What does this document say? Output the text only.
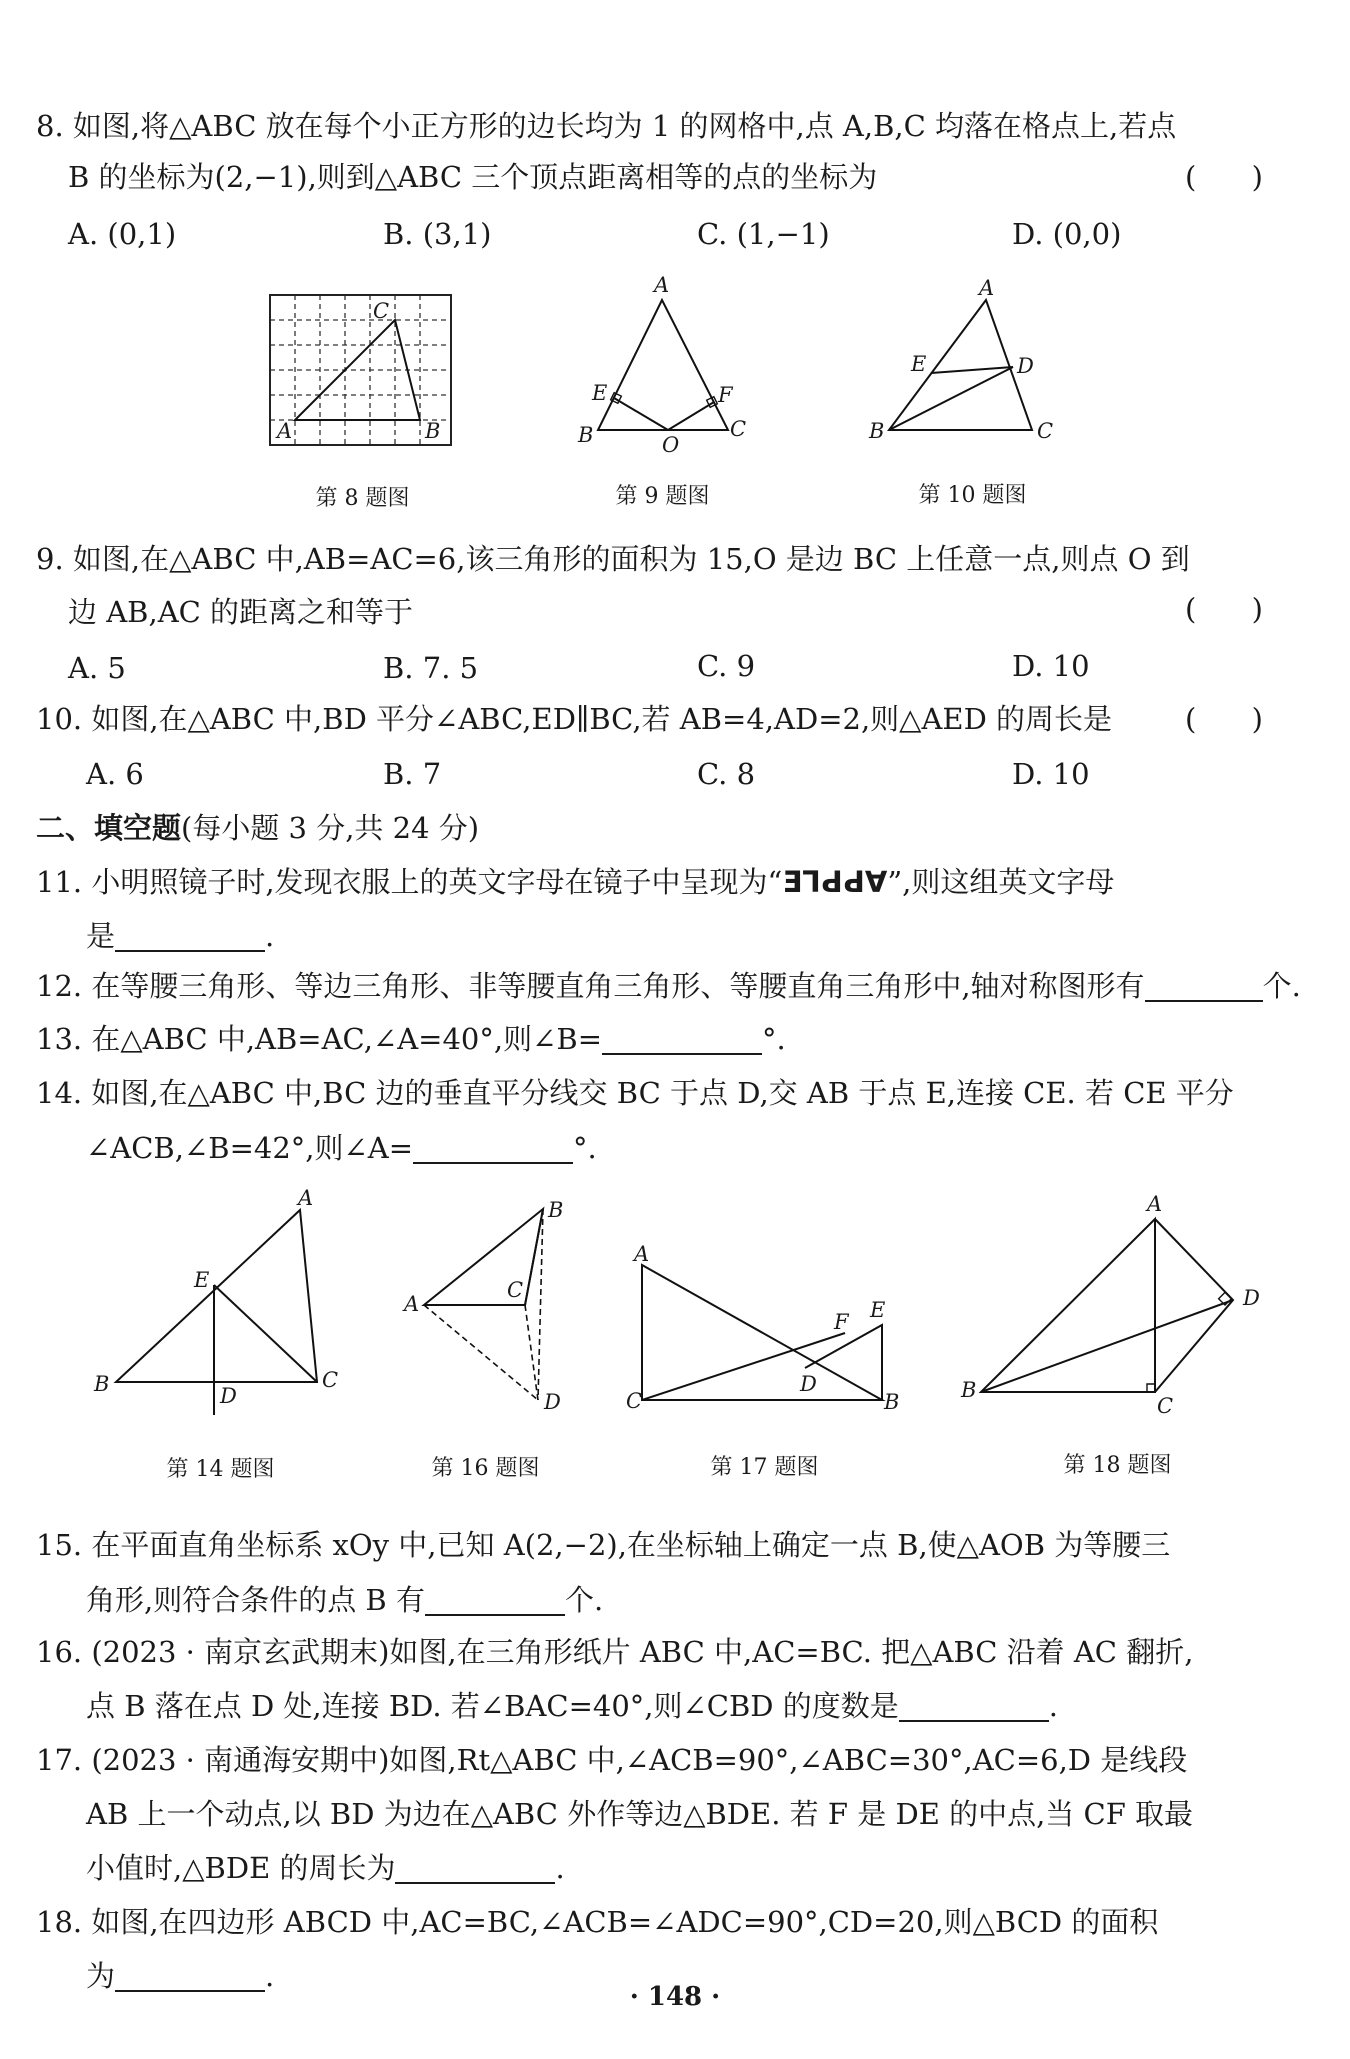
8. 如图,将△ABC 放在每个小正方形的边长均为 1 的网格中,点 A,B,C 均落在格点上,若点
B 的坐标为(2,−1),则到△ABC 三个顶点距离相等的点的坐标为	(      )
A. (0,1)	B. (3,1)	C. (1,−1)	D. (0,0)
A	B
C
A
B	C
E	F
O
A
B	C
D
E
第 8 题图	第 9 题图	第 10 题图
9. 如图,在△ABC 中,AB=AC=6,该三角形的面积为 15,O 是边 BC 上任意一点,则点 O 到
边 AB,AC 的距离之和等于	(      )
A. 5	B. 7. 5	C. 9	D. 10
10. 如图,在△ABC 中,BD 平分∠ABC,ED∥BC,若 AB=4,AD=2,则△AED 的周长是	(      )
A. 6	B. 7	C. 8	D. 10
二、填空题(每小题 3 分,共 24 分)
11. 小明照镜子时,发现衣服上的英文字母在镜子中呈现为“ƎꞀԀԀ∀”,则这组英文字母
是	.
12. 在等腰三角形、等边三角形、非等腰直角三角形、等腰直角三角形中,轴对称图形有	个.
13. 在△ABC 中,AB=AC,∠A=40°,则∠B=	°.
14. 如图,在△ABC 中,BC 边的垂直平分线交 BC 于点 D,交 AB 于点 E,连接 CE. 若 CE 平分
∠ACB,∠B=42°,则∠A=	°.
A
B	C
D
E
A
B
C
D
A
B
C
D
E
F
A
B
C
D
第 14 题图	第 16 题图	第 17 题图	第 18 题图
15. 在平面直角坐标系 xOy 中,已知 A(2,−2),在坐标轴上确定一点 B,使△AOB 为等腰三
角形,则符合条件的点 B 有	个.
16. (2023 · 南京玄武期末)如图,在三角形纸片 ABC 中,AC=BC. 把△ABC 沿着 AC 翻折,
点 B 落在点 D 处,连接 BD. 若∠BAC=40°,则∠CBD 的度数是	.
17. (2023 · 南通海安期中)如图,Rt△ABC 中,∠ACB=90°,∠ABC=30°,AC=6,D 是线段
AB 上一个动点,以 BD 为边在△ABC 外作等边△BDE. 若 F 是 DE 的中点,当 CF 取最
小值时,△BDE 的周长为	.
18. 如图,在四边形 ABCD 中,AC=BC,∠ACB=∠ADC=90°,CD=20,则△BCD 的面积
为	.
· 148 ·
